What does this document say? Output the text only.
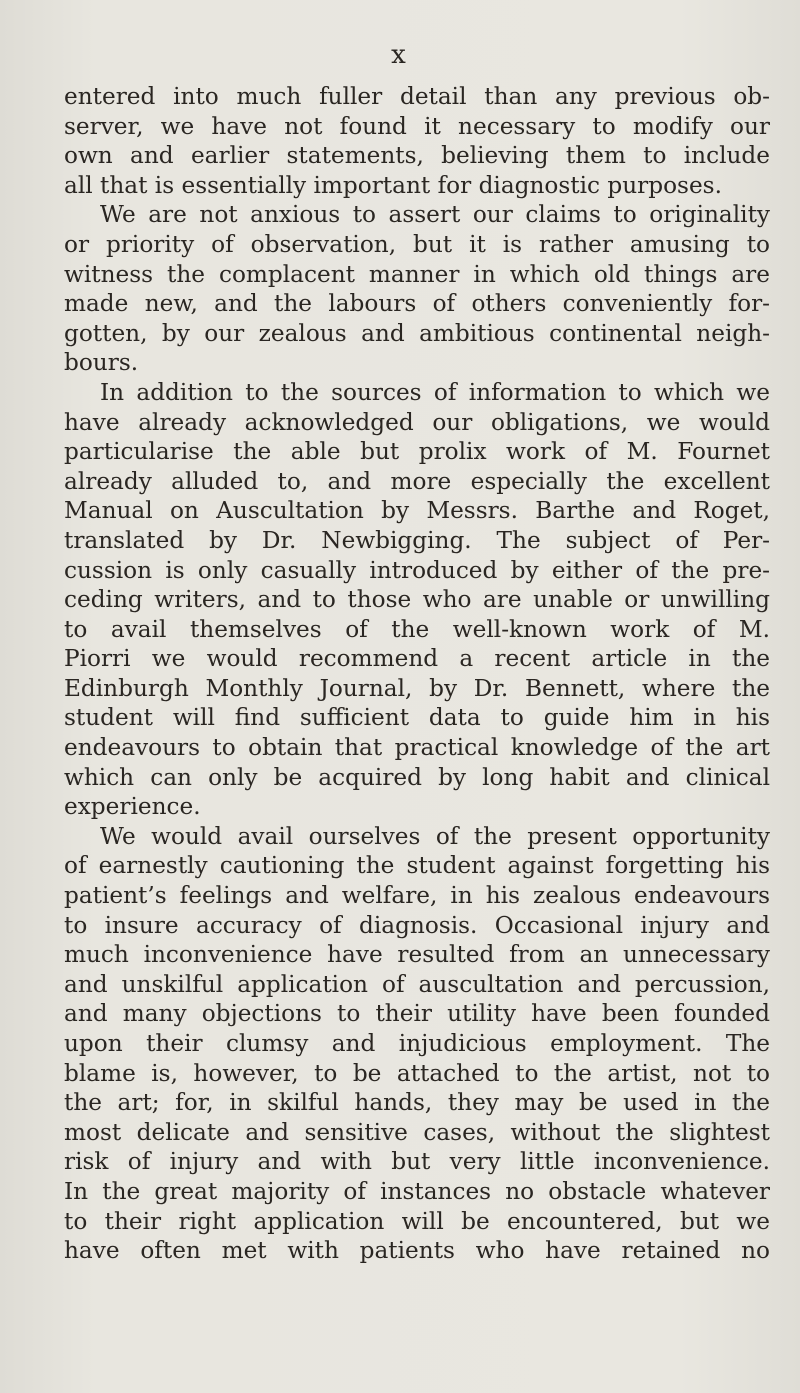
x
entered into much fuller detail than any previous ob-
server, we have not found it necessary to modify our
own and earlier statements, believing them to include
all that is essentially important for diagnostic purposes.
We are not anxious to assert our claims to originality
or priority of observation, but it is rather amusing to
witness the complacent manner in which old things are
made new, and the labours of others conveniently for-
gotten, by our zealous and ambitious continental neigh-
bours.
In addition to the sources of information to which we
have already acknowledged our obligations, we would
particularise the able but prolix work of M. Fournet
already alluded to, and more especially the excellent
Manual on Auscultation by Messrs. Barthe and Roget,
translated by Dr. Newbigging. The subject of Per-
cussion is only casually introduced by either of the pre-
ceding writers, and to those who are unable or unwilling
to avail themselves of the well-known work of M.
Piorri we would recommend a recent article in the
Edinburgh Monthly Journal, by Dr. Bennett, where the
student will find sufficient data to guide him in his
endeavours to obtain that practical knowledge of the art
which can only be acquired by long habit and clinical
experience.
We would avail ourselves of the present opportunity
of earnestly cautioning the student against forgetting his
patient’s feelings and welfare, in his zealous endeavours
to insure accuracy of diagnosis. Occasional injury and
much inconvenience have resulted from an unnecessary
and unskilful application of auscultation and percussion,
and many objections to their utility have been founded
upon their clumsy and injudicious employment. The
blame is, however, to be attached to the artist, not to
the art; for, in skilful hands, they may be used in the
most delicate and sensitive cases, without the slightest
risk of injury and with but very little inconvenience.
In the great majority of instances no obstacle whatever
to their right application will be encountered, but we
have often met with patients who have retained no
